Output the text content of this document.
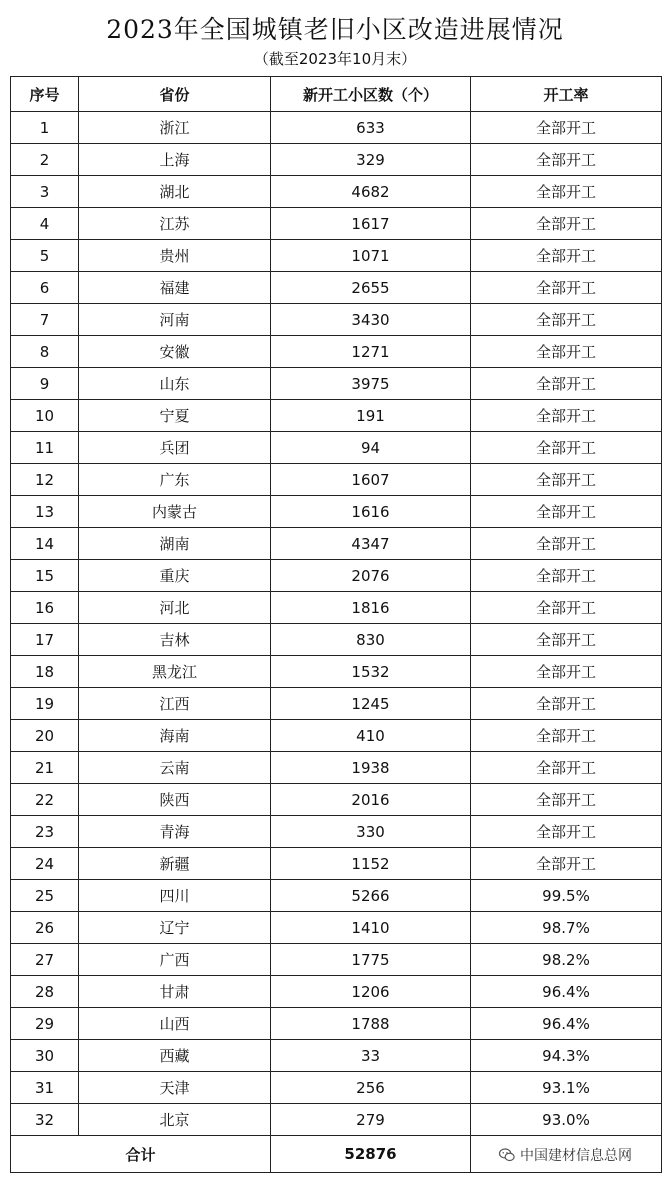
2023年全国城镇老旧小区改造进展情况
（截至2023年10月末）
序号	省份	新开工小区数（个）	开工率
1	浙江	633	全部开工
2	上海	329	全部开工
3	湖北	4682	全部开工
4	江苏	1617	全部开工
5	贵州	1071	全部开工
6	福建	2655	全部开工
7	河南	3430	全部开工
8	安徽	1271	全部开工
9	山东	3975	全部开工
10	宁夏	191	全部开工
11	兵团	94	全部开工
12	广东	1607	全部开工
13	内蒙古	1616	全部开工
14	湖南	4347	全部开工
15	重庆	2076	全部开工
16	河北	1816	全部开工
17	吉林	830	全部开工
18	黑龙江	1532	全部开工
19	江西	1245	全部开工
20	海南	410	全部开工
21	云南	1938	全部开工
22	陕西	2016	全部开工
23	青海	330	全部开工
24	新疆	1152	全部开工
25	四川	5266	99.5%
26	辽宁	1410	98.7%
27	广西	1775	98.2%
28	甘肃	1206	96.4%
29	山西	1788	96.4%
30	西藏	33	94.3%
31	天津	256	93.1%
32	北京	279	93.0%
合计		52876		中国建材信息总网
